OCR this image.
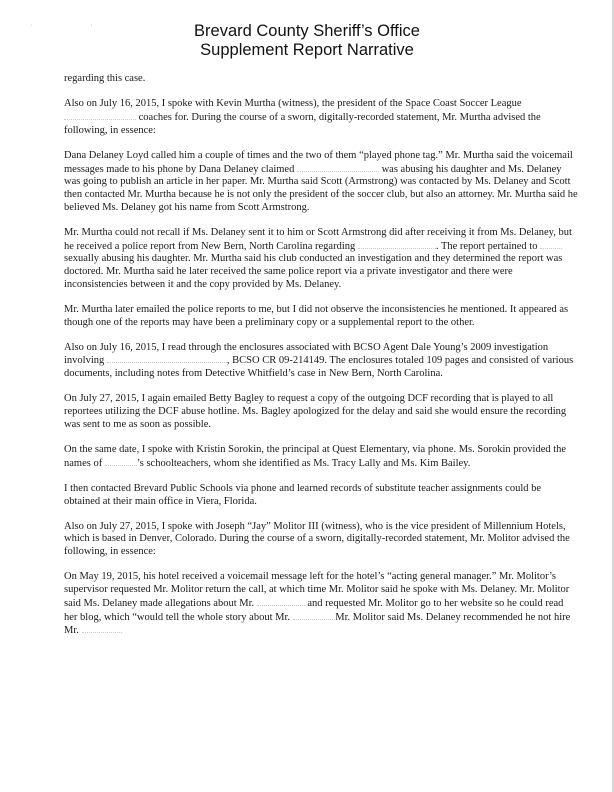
· ·	Brevard County Sheriff’s Office
Supplement Report Narrative

regarding this case.

Also on July 16, 2015, I spoke with Kevin Murtha (witness), the president of the Space Coast Soccer League  coaches for. During the course of a sworn, digitally-recorded statement, Mr. Murtha advised the following, in essence:

Dana Delaney Loyd called him a couple of times and the two of them “played phone tag.” Mr. Murtha said the voicemail messages made to his phone by Dana Delaney claimed	was abusing his daughter and Ms. Delaney was going to publish an article in her paper. Mr. Murtha said Scott (Armstrong) was contacted by Ms. Delaney and Scott then contacted Mr. Murtha because he is not only the president of the soccer club, but also an attorney. Mr. Murtha said he believed Ms. Delaney got his name from Scott Armstrong.

Mr. Murtha could not recall if Ms. Delaney sent it to him or Scott Armstrong did after receiving it from Ms. Delaney, but he received a police report from New Bern, North Carolina regarding	. The report pertained to  sexually abusing his daughter. Mr. Murtha said his club conducted an investigation and they determined the report was doctored. Mr. Murtha said he later received the same police report via a private investigator and there were inconsistencies between it and the copy provided by Ms. Delaney.

Mr. Murtha later emailed the police reports to me, but I did not observe the inconsistencies he mentioned. It appeared as though one of the reports may have been a preliminary copy or a supplemental report to the other.

Also on July 16, 2015, I read through the enclosures associated with BCSO Agent Dale Young’s 2009 investigation involving	, BCSO CR 09-214149. The enclosures totaled 109 pages and consisted of various documents, including notes from Detective Whitfield’s case in New Bern, North Carolina.

On July 27, 2015, I again emailed Betty Bagley to request a copy of the outgoing DCF recording that is played to all reportees utilizing the DCF abuse hotline. Ms. Bagley apologized for the delay and said she would ensure the recording was sent to me as soon as possible.

On the same date, I spoke with Kristin Sorokin, the principal at Quest Elementary, via phone. Ms. Sorokin provided the names of	’s schoolteachers, whom she identified as Ms. Tracy Lally and Ms. Kim Bailey.

I then contacted Brevard Public Schools via phone and learned records of substitute teacher assignments could be obtained at their main office in Viera, Florida.

Also on July 27, 2015, I spoke with Joseph “Jay” Molitor III (witness), who is the vice president of Millennium Hotels, which is based in Denver, Colorado. During the course of a sworn, digitally-recorded statement, Mr. Molitor advised the following, in essence:

On May 19, 2015, his hotel received a voicemail message left for the hotel’s “acting general manager.” Mr. Molitor’s supervisor requested Mr. Molitor return the call, at which time Mr. Molitor said he spoke with Ms. Delaney. Mr. Molitor said Ms. Delaney made allegations about Mr.	and requested Mr. Molitor go to her website so he could read her blog, which “would tell the whole story about Mr.	Mr. Molitor said Ms. Delaney recommended he not hire Mr.
